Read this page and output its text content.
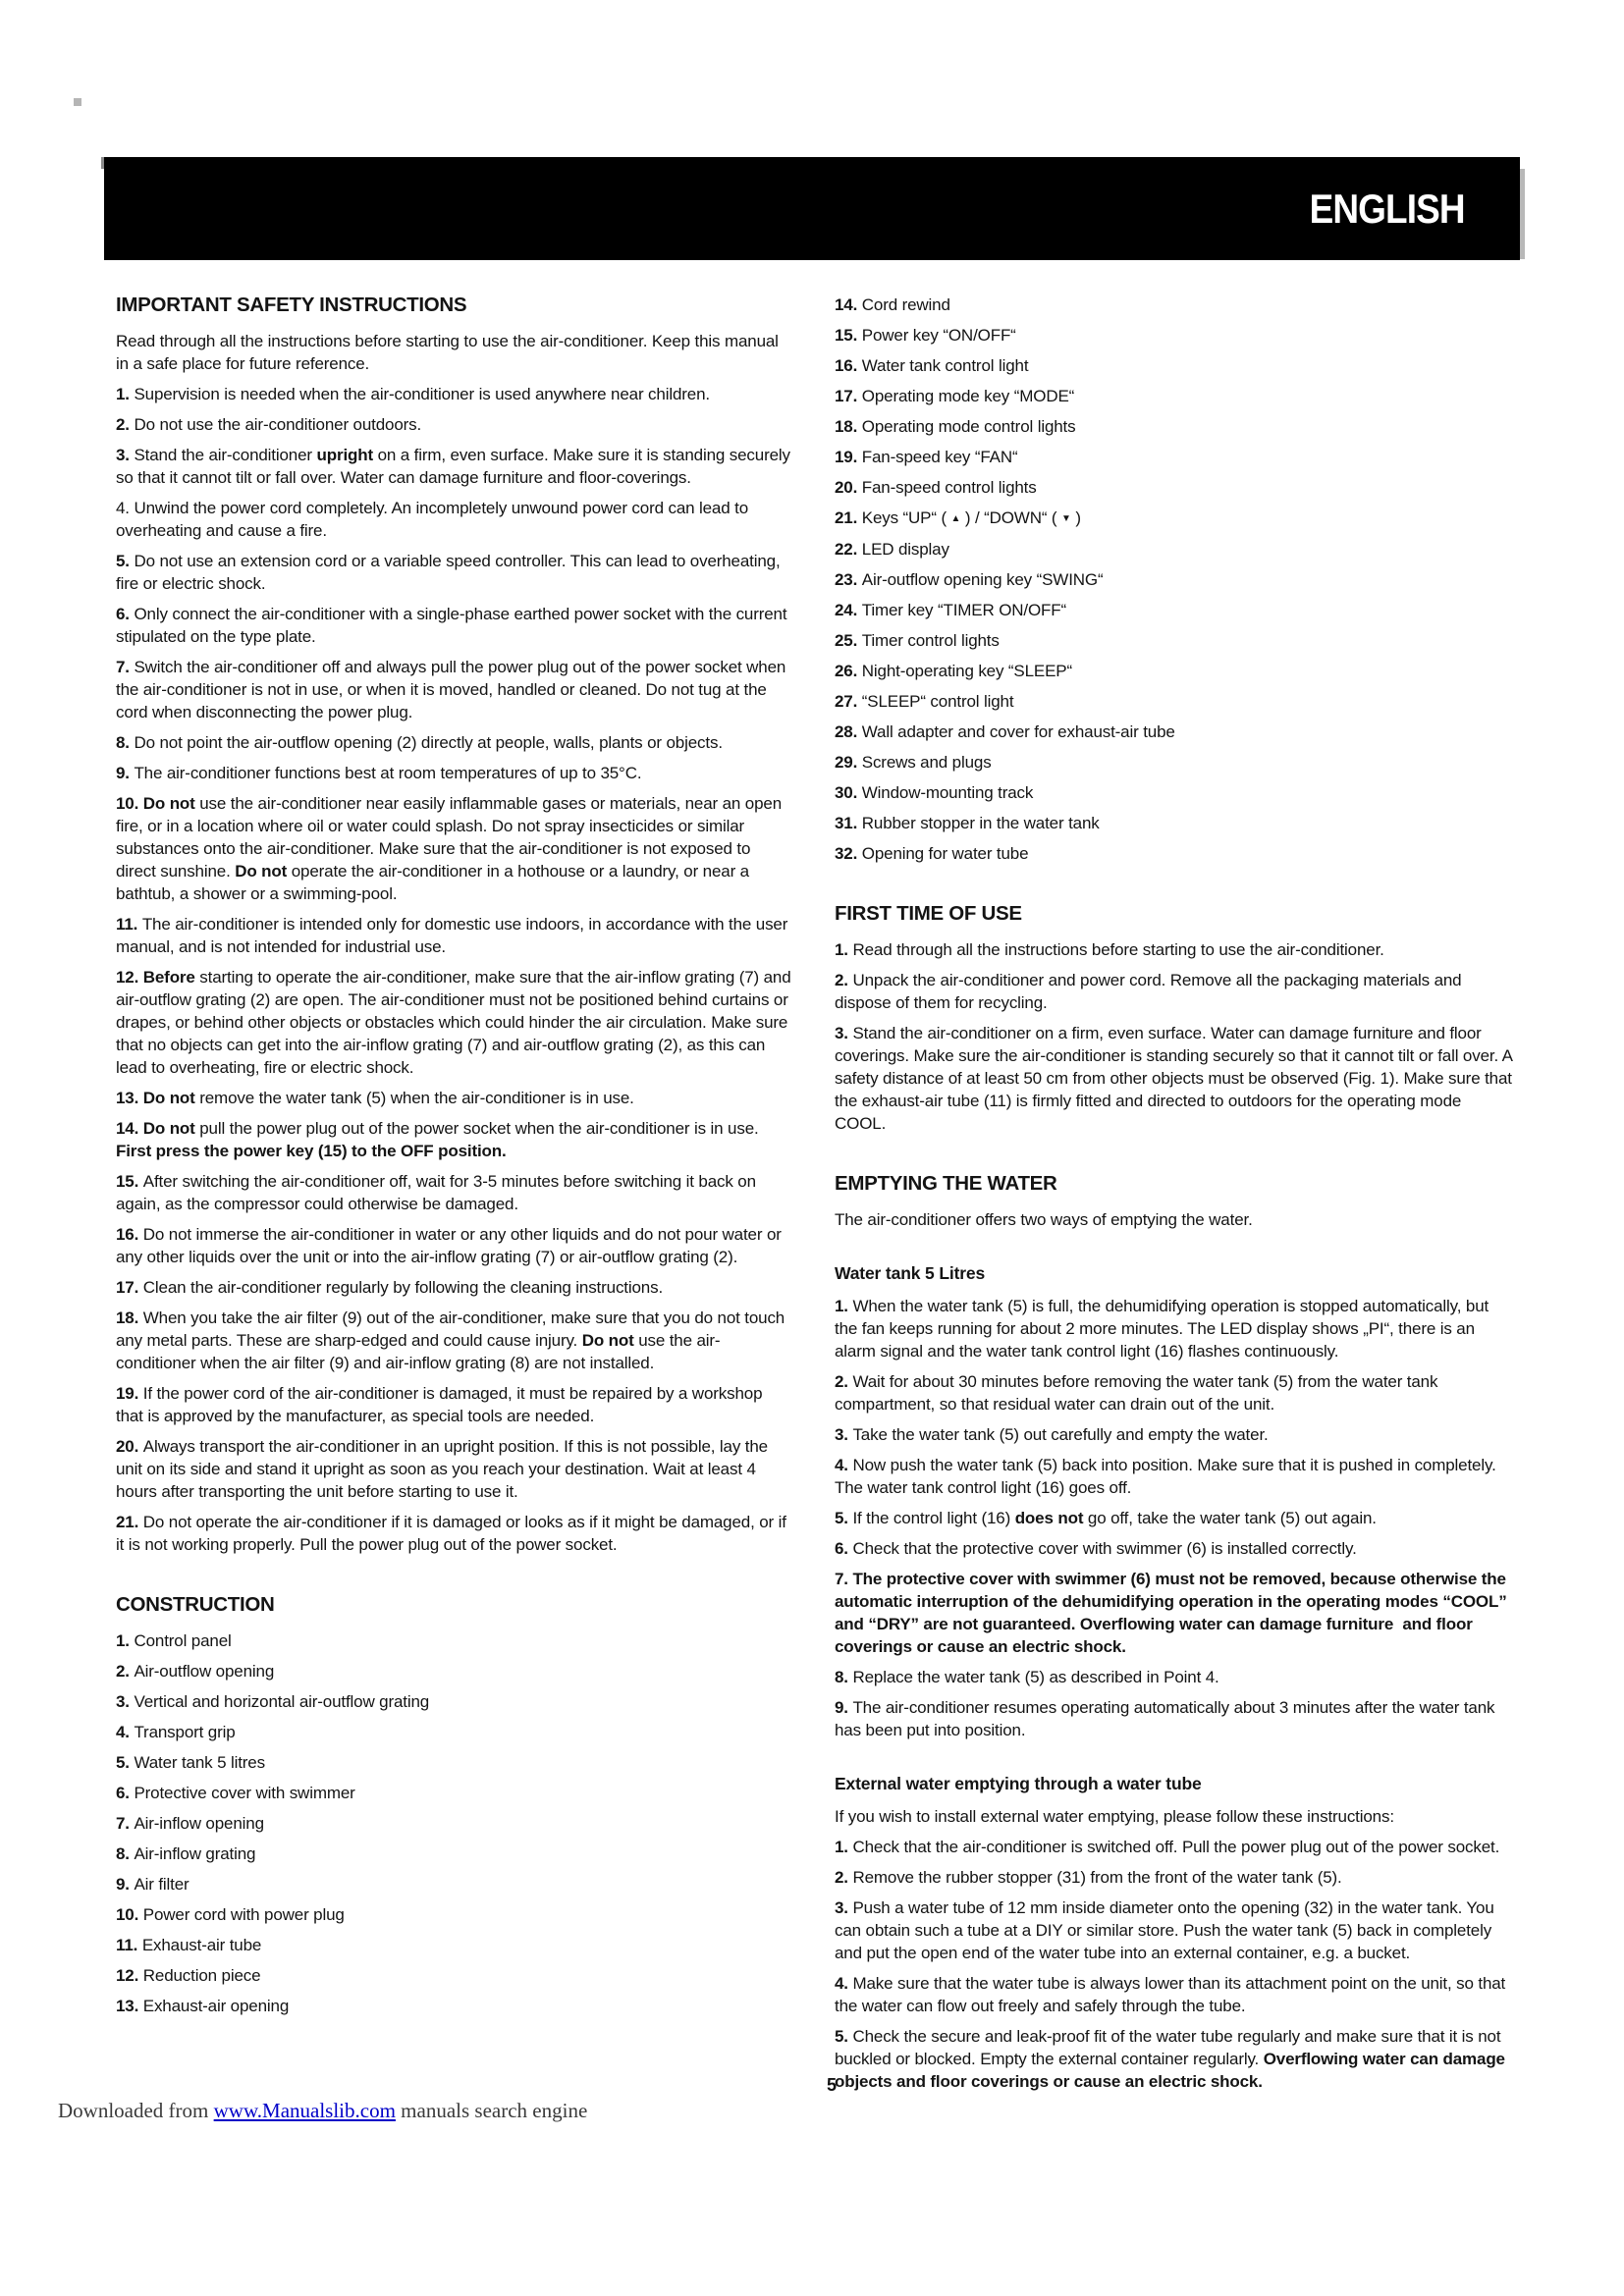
ENGLISH
IMPORTANT SAFETY INSTRUCTIONS
Read through all the instructions before starting to use the air-conditioner. Keep this manual in a safe place for future reference.
1. Supervision is needed when the air-conditioner is used anywhere near children.
2. Do not use the air-conditioner outdoors.
3. Stand the air-conditioner upright on a firm, even surface. Make sure it is standing securely so that it cannot tilt or fall over. Water can damage furniture and floor-coverings.
4. Unwind the power cord completely. An incompletely unwound power cord can lead to overheating and cause a fire.
5. Do not use an extension cord or a variable speed controller. This can lead to overheating, fire or electric shock.
6. Only connect the air-conditioner with a single-phase earthed power socket with the current stipulated on the type plate.
7. Switch the air-conditioner off and always pull the power plug out of the power socket when the air-conditioner is not in use, or when it is moved, handled or cleaned. Do not tug at the cord when disconnecting the power plug.
8. Do not point the air-outflow opening (2) directly at people, walls, plants or objects.
9. The air-conditioner functions best at room temperatures of up to 35°C.
10. Do not use the air-conditioner near easily inflammable gases or materials, near an open fire, or in a location where oil or water could splash. Do not spray insecticides or similar substances onto the air-conditioner. Make sure that the air-conditioner is not exposed to direct sunshine. Do not operate the air-conditioner in a hothouse or a laundry, or near a bathtub, a shower or a swimming-pool.
11. The air-conditioner is intended only for domestic use indoors, in accordance with the user manual, and is not intended for industrial use.
12. Before starting to operate the air-conditioner, make sure that the air-inflow grating (7) and air-outflow grating (2) are open. The air-conditioner must not be positioned behind curtains or drapes, or behind other objects or obstacles which could hinder the air circulation. Make sure that no objects can get into the air-inflow grating (7) and air-outflow grating (2), as this can lead to overheating, fire or electric shock.
13. Do not remove the water tank (5) when the air-conditioner is in use.
14. Do not pull the power plug out of the power socket when the air-conditioner is in use. First press the power key (15) to the OFF position.
15. After switching the air-conditioner off, wait for 3-5 minutes before switching it back on again, as the compressor could otherwise be damaged.
16. Do not immerse the air-conditioner in water or any other liquids and do not pour water or any other liquids over the unit or into the air-inflow grating (7) or air-outflow grating (2).
17. Clean the air-conditioner regularly by following the cleaning instructions.
18. When you take the air filter (9) out of the air-conditioner, make sure that you do not touch any metal parts. These are sharp-edged and could cause injury. Do not use the air-conditioner when the air filter (9) and air-inflow grating (8) are not installed.
19. If the power cord of the air-conditioner is damaged, it must be repaired by a workshop that is approved by the manufacturer, as special tools are needed.
20. Always transport the air-conditioner in an upright position. If this is not possible, lay the unit on its side and stand it upright as soon as you reach your destination. Wait at least 4 hours after transporting the unit before starting to use it.
21. Do not operate the air-conditioner if it is damaged or looks as if it might be damaged, or if it is not working properly. Pull the power plug out of the power socket.
CONSTRUCTION
1. Control panel
2. Air-outflow opening
3. Vertical and horizontal air-outflow grating
4. Transport grip
5. Water tank 5 litres
6. Protective cover with swimmer
7. Air-inflow opening
8. Air-inflow grating
9. Air filter
10. Power cord with power plug
11. Exhaust-air tube
12. Reduction piece
13. Exhaust-air opening
14. Cord rewind
15. Power key “ON/OFF“
16. Water tank control light
17. Operating mode key “MODE“
18. Operating mode control lights
19. Fan-speed key “FAN“
20. Fan-speed control lights
21. Keys “UP“ ( ▲ ) / “DOWN“ ( ▼ )
22. LED display
23. Air-outflow opening key “SWING“
24. Timer key “TIMER ON/OFF“
25. Timer control lights
26. Night-operating key “SLEEP“
27. “SLEEP“ control light
28. Wall adapter and cover for exhaust-air tube
29. Screws and plugs
30. Window-mounting track
31. Rubber stopper in the water tank
32. Opening for water tube
FIRST TIME OF USE
1. Read through all the instructions before starting to use the air-conditioner.
2. Unpack the air-conditioner and power cord. Remove all the packaging materials and dispose of them for recycling.
3. Stand the air-conditioner on a firm, even surface. Water can damage furniture and floor coverings. Make sure the air-conditioner is standing securely so that it cannot tilt or fall over. A safety distance of at least 50 cm from other objects must be observed (Fig. 1). Make sure that the exhaust-air tube (11) is firmly fitted and directed to outdoors for the operating mode COOL.
EMPTYING THE WATER
The air-conditioner offers two ways of emptying the water.
Water tank 5 Litres
1. When the water tank (5) is full, the dehumidifying operation is stopped automatically, but the fan keeps running for about 2 more minutes. The LED display shows „PI“, there is an alarm signal and the water tank control light (16) flashes continuously.
2. Wait for about 30 minutes before removing the water tank (5) from the water tank compartment, so that residual water can drain out of the unit.
3. Take the water tank (5) out carefully and empty the water.
4. Now push the water tank (5) back into position. Make sure that it is pushed in completely. The water tank control light (16) goes off.
5. If the control light (16) does not go off, take the water tank (5) out again.
6. Check that the protective cover with swimmer (6) is installed correctly.
7. The protective cover with swimmer (6) must not be removed, because otherwise the automatic interruption of the dehumidifying operation in the operating modes “COOL” and “DRY” are not guaranteed. Overflowing water can damage furniture  and floor coverings or cause an electric shock.
8. Replace the water tank (5) as described in Point 4.
9. The air-conditioner resumes operating automatically about 3 minutes after the water tank has been put into position.
External water emptying through a water tube
If you wish to install external water emptying, please follow these instructions:
1. Check that the air-conditioner is switched off. Pull the power plug out of the power socket.
2. Remove the rubber stopper (31) from the front of the water tank (5).
3. Push a water tube of 12 mm inside diameter onto the opening (32) in the water tank. You can obtain such a tube at a DIY or similar store. Push the water tank (5) back in completely and put the open end of the water tube into an external container, e.g. a bucket.
4. Make sure that the water tube is always lower than its attachment point on the unit, so that the water can flow out freely and safely through the tube.
5. Check the secure and leak-proof fit of the water tube regularly and make sure that it is not buckled or blocked. Empty the external container regularly. Overflowing water can damage objects and floor coverings or cause an electric shock.
5
Downloaded from www.Manualslib.com manuals search engine
